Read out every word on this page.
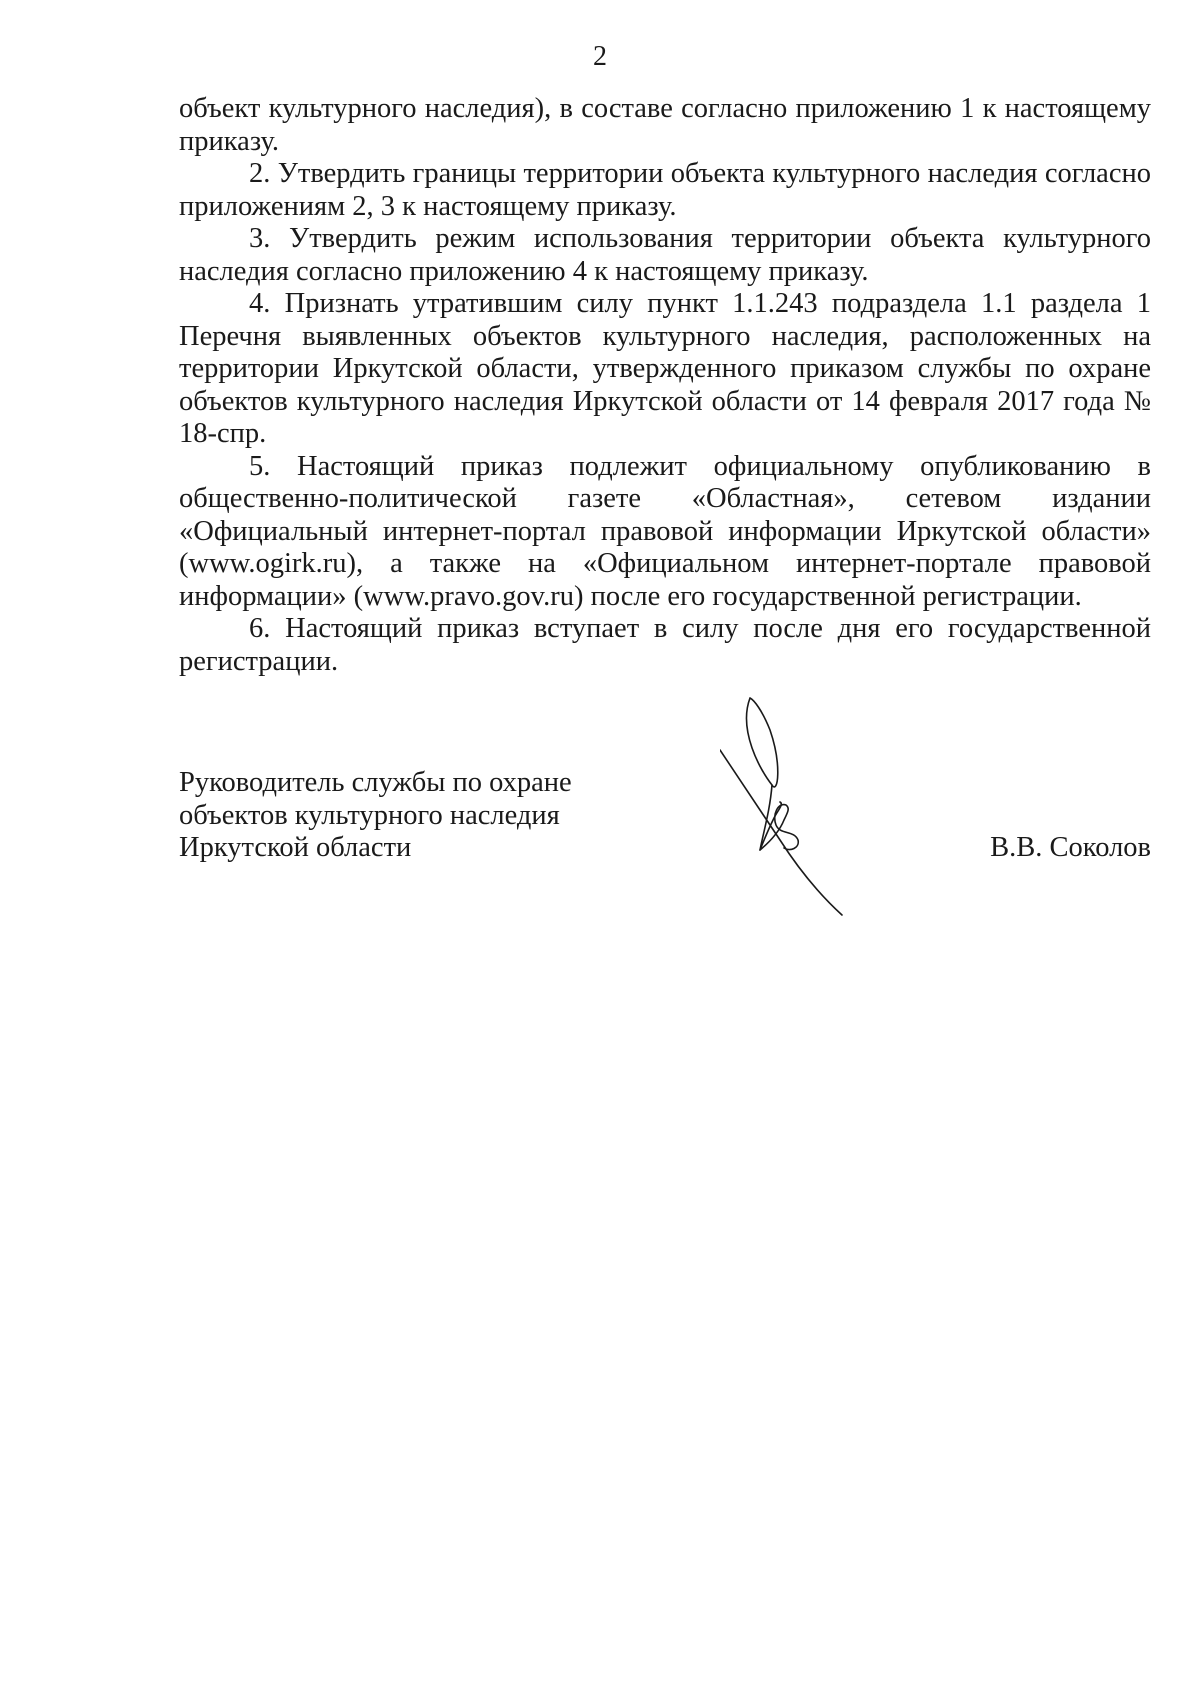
2

объект культурного наследия), в составе согласно приложению 1 к настоящему приказу.

2. Утвердить границы территории объекта культурного наследия согласно приложениям 2, 3 к настоящему приказу.

3. Утвердить режим использования территории объекта культурного наследия согласно приложению 4 к настоящему приказу.

4. Признать утратившим силу пункт 1.1.243 подраздела 1.1 раздела 1 Перечня выявленных объектов культурного наследия, расположенных на территории Иркутской области, утвержденного приказом службы по охране объектов культурного наследия Иркутской области от 14 февраля 2017 года № 18-спр.

5. Настоящий приказ подлежит официальному опубликованию в общественно-политической газете «Областная», сетевом издании «Официальный интернет-портал правовой информации Иркутской области» (www.ogirk.ru), а также на «Официальном интернет-портале правовой информации» (www.pravo.gov.ru) после его государственной регистрации.

6. Настоящий приказ вступает в силу после дня его государственной регистрации.

Руководитель службы по охране
объектов культурного наследия
Иркутской области	В.В. Соколов
